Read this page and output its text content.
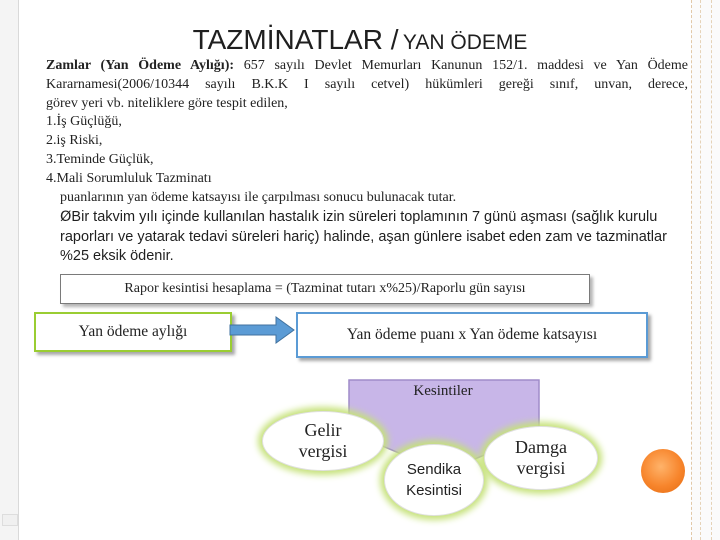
TAZMİNATLAR / YAN ÖDEME

Zamlar (Yan Ödeme Aylığı): 657 sayılı Devlet Memurları Kanunun 152/1. maddesi ve Yan Ödeme

Kararnamesi(2006/10344 sayılı B.K.K I sayılı cetvel) hükümleri gereği sınıf, unvan, derece,

görev yeri vb. niteliklere göre tespit edilen,

1.İş Güçlüğü,

2.iş Riski,

3.Teminde Güçlük,

4.Mali Sorumluluk Tazminatı

puanlarının yan ödeme katsayısı ile çarpılması sonucu bulunacak tutar.

ØBir takvim yılı içinde kullanılan hastalık izin süreleri toplamının 7 günü aşması (sağlık kurulu raporları ve yatarak tedavi süreleri hariç) halinde, aşan günlere isabet eden zam ve tazminatlar %25 eksik ödenir.
Rapor kesintisi hesaplama = (Tazminat tutarı x%25)/Raporlu gün sayısı
Yan ödeme aylığı	Yan ödeme puanı x Yan ödeme katsayısı
Kesintiler
Gelir
vergisi
Sendika
Kesintisi
Damga
vergisi
